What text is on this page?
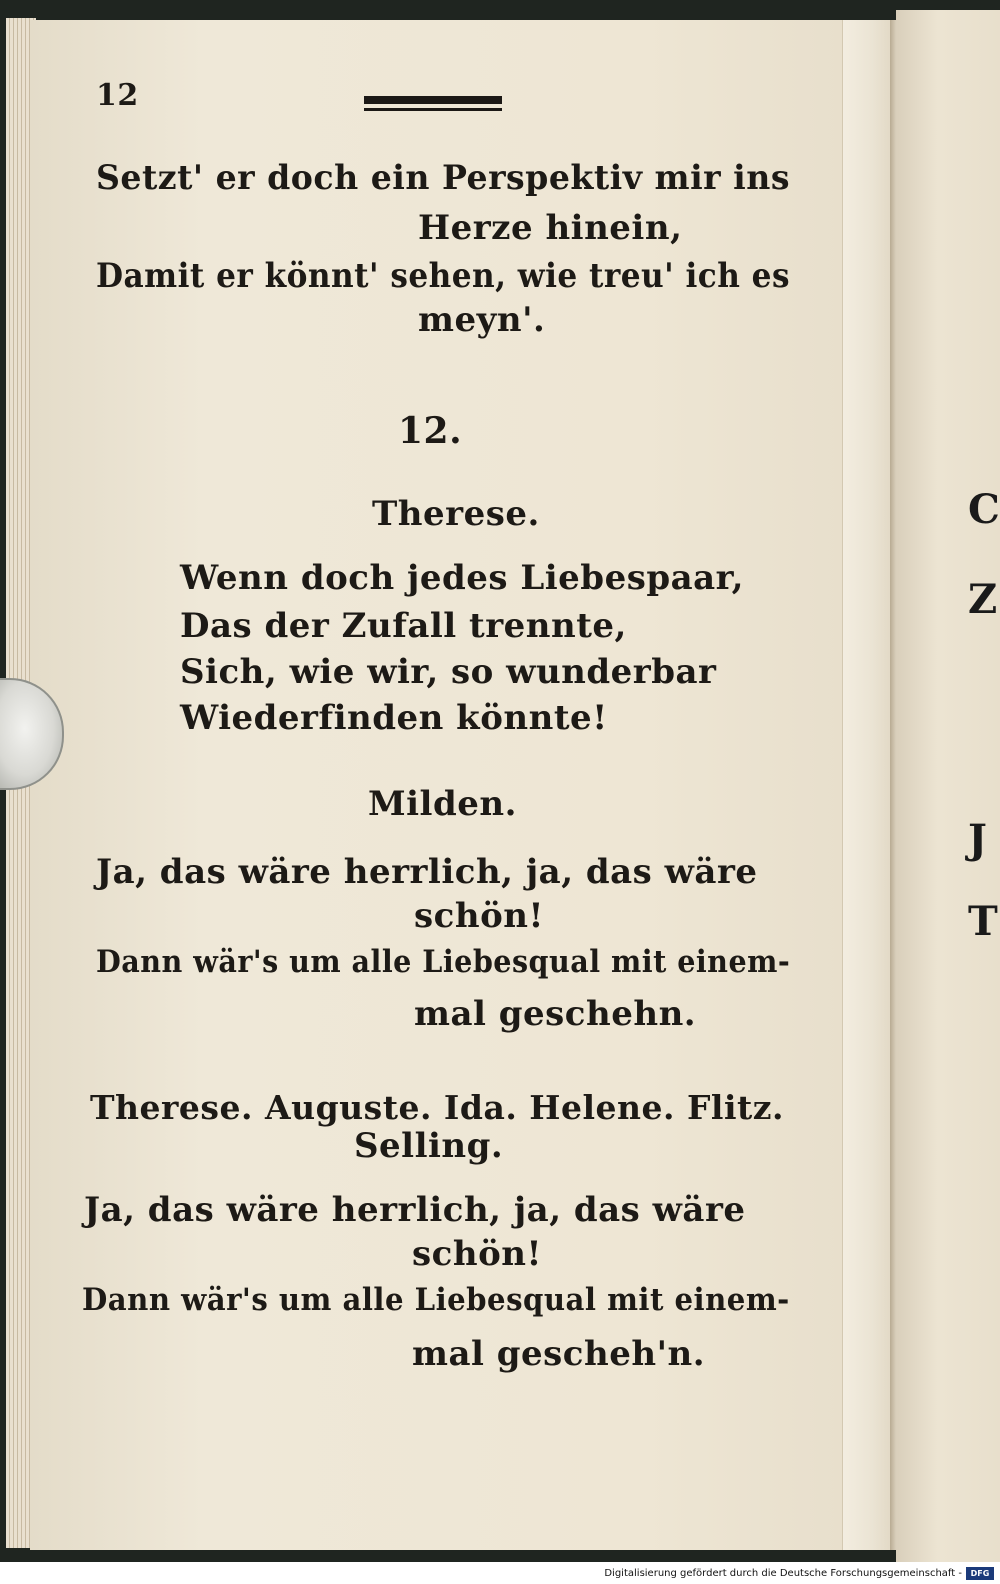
C
Z
J
T
12
Setzt' er doch ein Perspektiv mir ins
Herze hinein,
Damit er könnt' sehen, wie treu' ich es
meyn'.
12.
Therese.
Wenn doch jedes Liebespaar,
Das der Zufall trennte,
Sich, wie wir, so wunderbar
Wiederfinden könnte!
Milden.
Ja, das wäre herrlich, ja, das wäre
schön!
Dann wär's um alle Liebesqual mit einem-
mal geschehn.
Therese. Auguste. Ida. Helene. Flitz.
Selling.
Ja, das wäre herrlich, ja, das wäre
schön!
Dann wär's um alle Liebesqual mit einem-
mal gescheh'n.
Digitalisierung gefördert durch die Deutsche Forschungsgemeinschaft -	DFG
